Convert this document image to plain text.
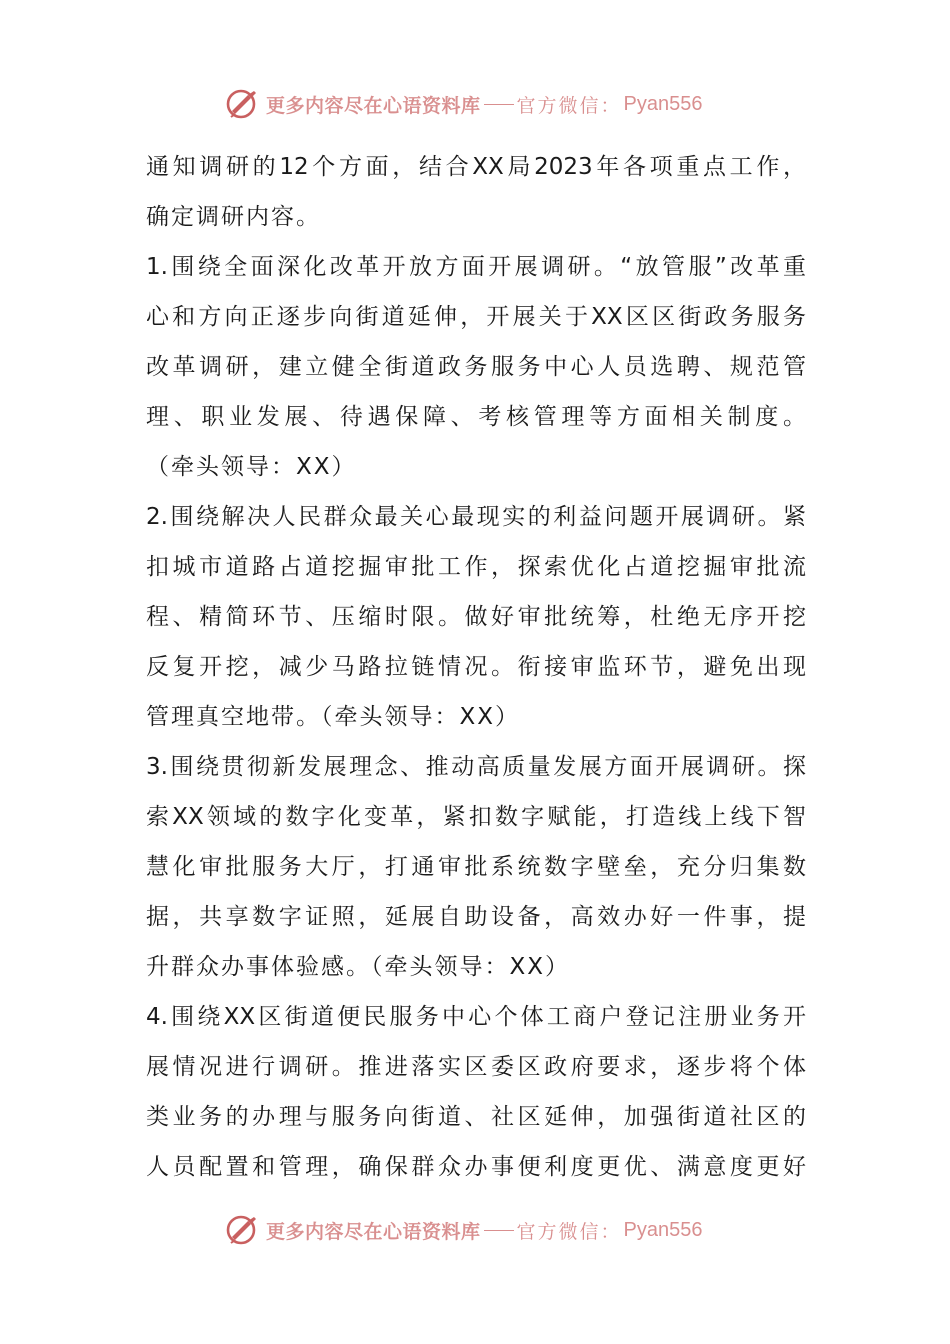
更多内容尽在心语资料库 官方微信： Pyan556
通知调研的12个方面，结合XX局2023年各项重点工作，
确定调研内容。
1.围绕全面深化改革开放方面开展调研。“放管服”改革重
心和方向正逐步向街道延伸，开展关于XX区区街政务服务
改革调研，建立健全街道政务服务中心人员选聘、规范管
理、职业发展、待遇保障、考核管理等方面相关制度。
（牵头领导：XX）
2.围绕解决人民群众最关心最现实的利益问题开展调研。紧
扣城市道路占道挖掘审批工作，探索优化占道挖掘审批流
程、精简环节、压缩时限。做好审批统筹，杜绝无序开挖
反复开挖，减少马路拉链情况。衔接审监环节，避免出现
管理真空地带。（牵头领导：XX）
3.围绕贯彻新发展理念、推动高质量发展方面开展调研。探
索XX领域的数字化变革，紧扣数字赋能，打造线上线下智
慧化审批服务大厅，打通审批系统数字壁垒，充分归集数
据，共享数字证照，延展自助设备，高效办好一件事，提
升群众办事体验感。（牵头领导：XX）
4.围绕XX区街道便民服务中心个体工商户登记注册业务开
展情况进行调研。推进落实区委区政府要求，逐步将个体
类业务的办理与服务向街道、社区延伸，加强街道社区的
人员配置和管理，确保群众办事便利度更优、满意度更好
更多内容尽在心语资料库 官方微信： Pyan556
